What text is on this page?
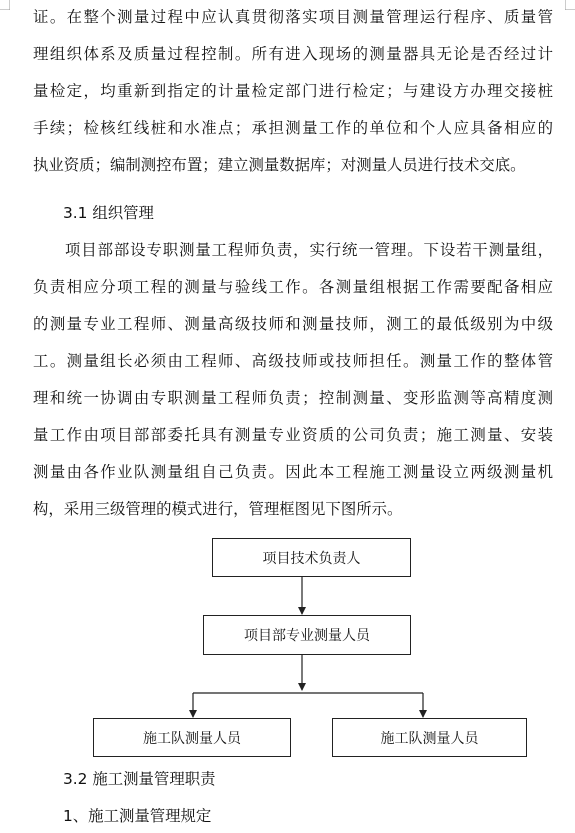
证。在整个测量过程中应认真贯彻落实项目测量管理运行程序、质量管
理组织体系及质量过程控制。所有进入现场的测量器具无论是否经过计
量检定，均重新到指定的计量检定部门进行检定；与建设方办理交接桩
手续；检核红线桩和水准点；承担测量工作的单位和个人应具备相应的
执业资质；编制测控布置；建立测量数据库；对测量人员进行技术交底。
3.1 组织管理
项目部部设专职测量工程师负责，实行统一管理。下设若干测量组，
负责相应分项工程的测量与验线工作。各测量组根据工作需要配备相应
的测量专业工程师、测量高级技师和测量技师，测工的最低级别为中级
工。测量组长必须由工程师、高级技师或技师担任。测量工作的整体管
理和统一协调由专职测量工程师负责；控制测量、变形监测等高精度测
量工作由项目部部委托具有测量专业资质的公司负责；施工测量、安装
测量由各作业队测量组自己负责。因此本工程施工测量设立两级测量机
构，采用三级管理的模式进行，管理框图见下图所示。
项目技术负责人
项目部专业测量人员
施工队测量人员	施工队测量人员
3.2 施工测量管理职责
1、施工测量管理规定
